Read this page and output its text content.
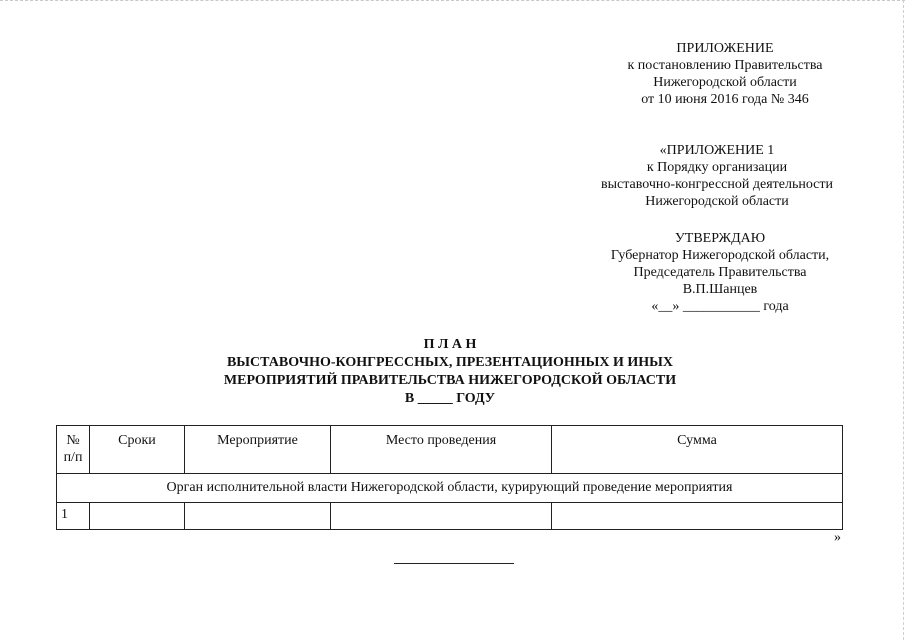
ПРИЛОЖЕНИЕ
к постановлению Правительства
Нижегородской области
от 10 июня 2016 года № 346
«ПРИЛОЖЕНИЕ 1
к Порядку организации
выставочно-конгрессной деятельности
Нижегородской области
УТВЕРЖДАЮ
Губернатор Нижегородской области,
Председатель Правительства
В.П.Шанцев
«__» ___________ года
П Л А Н
ВЫСТАВОЧНО-КОНГРЕССНЫХ, ПРЕЗЕНТАЦИОННЫХ И ИНЫХ
МЕРОПРИЯТИЙ ПРАВИТЕЛЬСТВА НИЖЕГОРОДСКОЙ ОБЛАСТИ
В _____ ГОДУ
№ п/п	Сроки	Мероприятие	Место проведения	Сумма
Орган исполнительной власти Нижегородской области, курирующий проведение мероприятия				
1				
»
